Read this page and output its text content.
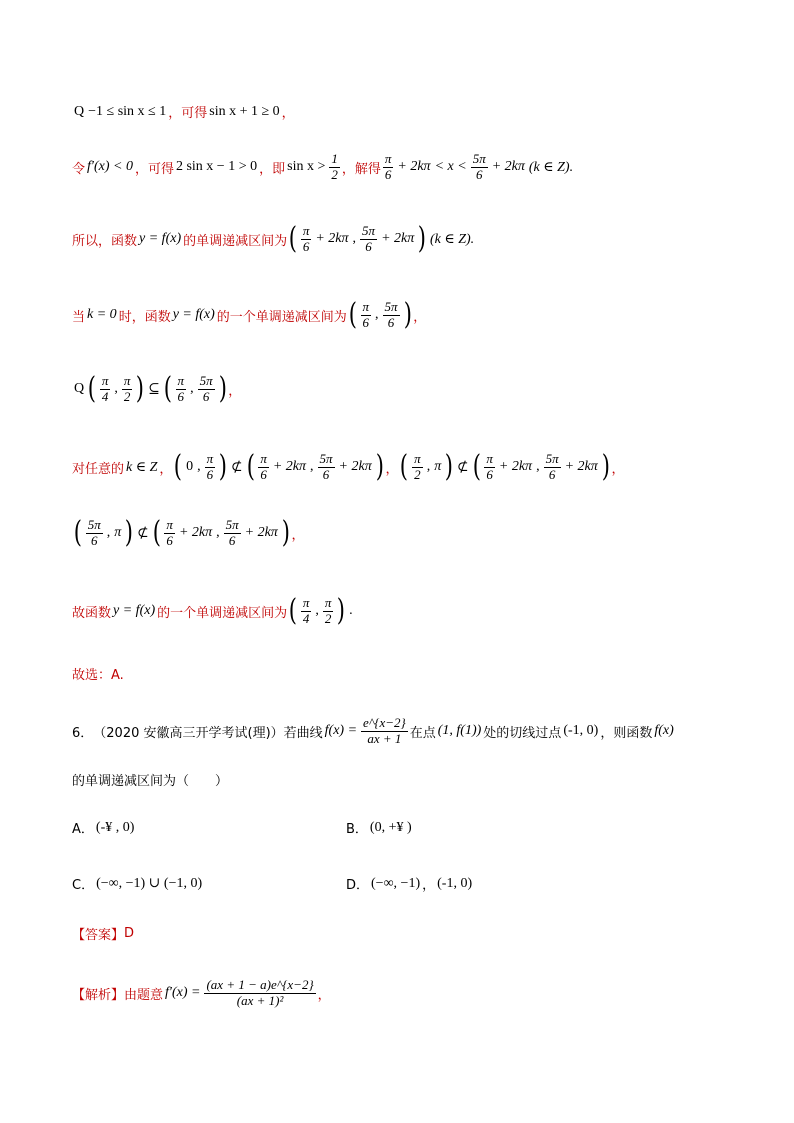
Q −1 ≤ sin x ≤ 1 ，可得 sin x + 1 ≥ 0 ，
令 f′(x) < 0 ，可得 2 sin x − 1 > 0 ，即 $\sin x > \frac{1}{2}$ ，解得 $\frac{\pi}{6} + 2k\pi < x < \frac{5\pi}{6} + 2k\pi$ (k ∈ Z).
所以，函数 y = f(x) 的单调递减区间为 ( $\frac{\pi}{6} + 2k\pi$ , $\frac{5\pi}{6} + 2k\pi$ ) (k ∈ Z).
当 k = 0 时，函数 y = f(x) 的一个单调递减区间为 ( $\frac{\pi}{6}$ , $\frac{5\pi}{6}$ ) ，
Q ( $\frac{\pi}{4}$ , $\frac{\pi}{2}$ ) ⊆ ( $\frac{\pi}{6}$ , $\frac{5\pi}{6}$ ) ，
对任意的 k ∈ Z ， ( 0 , $\frac{\pi}{6}$ ) ⊄ ( $\frac{\pi}{6} + 2k\pi$ , $\frac{5\pi}{6} + 2k\pi$ ) ， ( $\frac{\pi}{2}$ , π ) ⊄ ( $\frac{\pi}{6} + 2k\pi$ , $\frac{5\pi}{6} + 2k\pi$ ) ，
( $\frac{5\pi}{6}$ , π ) ⊄ ( $\frac{\pi}{6} + 2k\pi$ , $\frac{5\pi}{6} + 2k\pi$ ) ，
故函数 y = f(x) 的一个单调递减区间为 ( $\frac{\pi}{4}$ , $\frac{\pi}{2}$ ) .
故选：A.
6． （2020 安徽高三开学考试(理)）若曲线 $f(x) = \frac{e\^{}\{x-2\}}{ax + 1}$ 在点 (1, f(1)) 处的切线过点 (-1, 0) ，则函数 f(x)
的单调递减区间为（　　）
A． (-¥ , 0)	B． (0, +¥ )
C． (−∞, −1) ∪ (−1, 0)	D． (−∞, −1) ， (-1, 0)
【答案】 D
【解析】 由题意 $f'(x) = \frac{(ax + 1 - a)e\^{}\{x-2\}}{\text{(ax + 1)²}}$ ，
